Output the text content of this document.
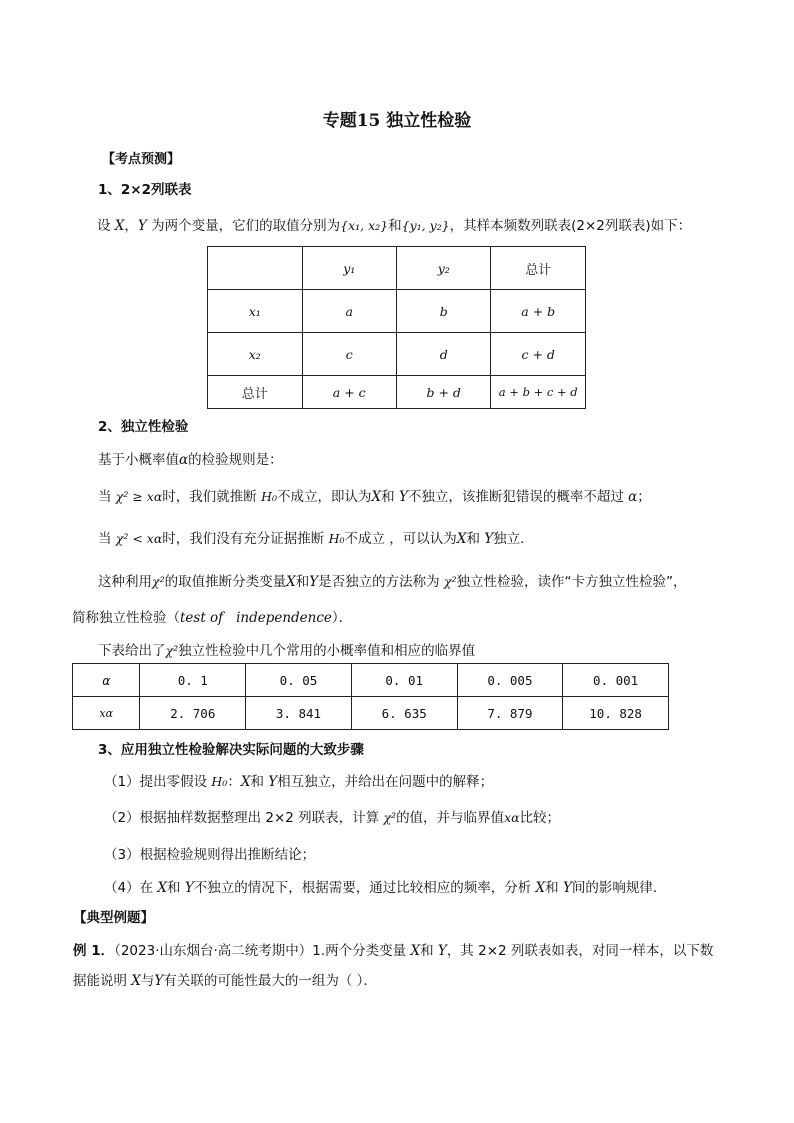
专题15 独立性检验
【考点预测】
1、2×2列联表
设 X，Y 为两个变量，它们的取值分别为{x₁, x₂}和{y₁, y₂}，其样本频数列联表(2×2列联表)如下：
	y₁	y₂	总计
x₁	a	b	a + b
x₂	c	d	c + d
总计	a + c	b + d	a + b + c + d
2、独立性检验
基于小概率值α的检验规则是：
当 χ² ≥ xα时，我们就推断 H₀不成立，即认为X和 Y不独立，该推断犯错误的概率不超过 α；
当 χ² < xα时，我们没有充分证据推断 H₀不成立 ，可以认为X和 Y独立．
这种利用χ²的取值推断分类变量X和Y是否独立的方法称为 χ²独立性检验，读作“卡方独立性检验”，
简称独立性检验（test of independence）．
下表给出了χ²独立性检验中几个常用的小概率值和相应的临界值
α	0. 1	0. 05	0. 01	0. 005	0. 001
xα	2. 706	3. 841	6. 635	7. 879	10. 828
3、应用独立性检验解决实际问题的大致步骤
（1）提出零假设 H₀：X和 Y相互独立，并给出在问题中的解释；
（2）根据抽样数据整理出 2×2 列联表，计算 χ²的值，并与临界值xα比较；
（3）根据检验规则得出推断结论；
（4）在 X和 Y不独立的情况下，根据需要，通过比较相应的频率，分析 X和 Y间的影响规律．
【典型例题】
例 1．（2023·山东烟台·高二统考期中）1.两个分类变量 X和 Y，其 2×2 列联表如表，对同一样本，以下数
据能说明 X与Y有关联的可能性最大的一组为（ ）．
